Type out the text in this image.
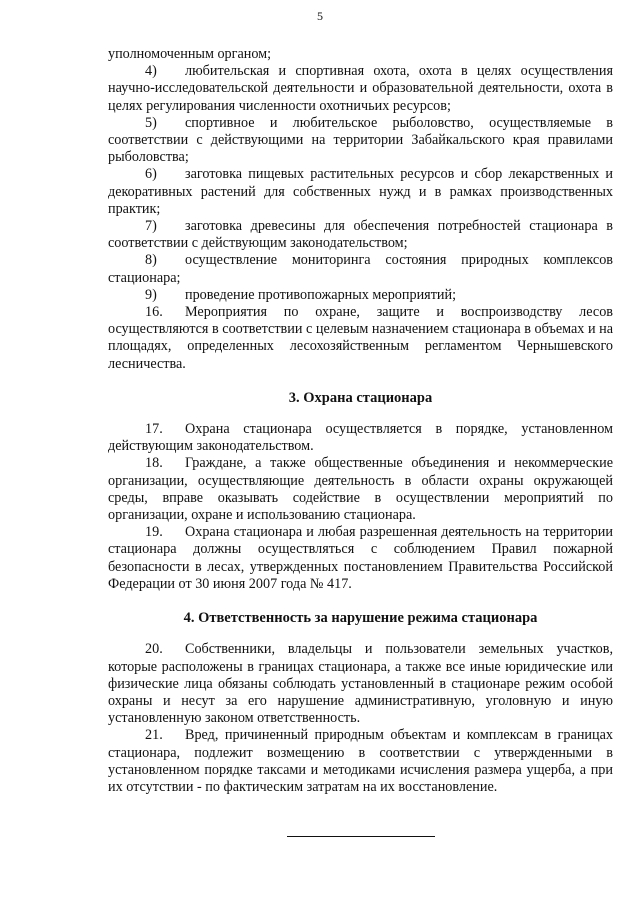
5

уполномоченным органом;

4) любительская и спортивная охота, охота в целях осуществления научно-исследовательской деятельности и образовательной деятельности, охота в целях регулирования численности охотничьих ресурсов;

5) спортивное и любительское рыболовство, осуществляемые в соответствии с действующими на территории Забайкальского края правилами рыболовства;

6) заготовка пищевых растительных ресурсов и сбор лекарственных и декоративных растений для собственных нужд и в рамках производственных практик;

7) заготовка древесины для обеспечения потребностей стационара в соответствии с действующим законодательством;

8) осуществление мониторинга состояния природных комплексов стационара;

9) проведение противопожарных мероприятий;

16. Мероприятия по охране, защите и воспроизводству лесов осуществляются в соответствии с целевым назначением стационара в объемах и на площадях, определенных лесохозяйственным регламентом Чернышевского лесничества.

3. Охрана стационара

17. Охрана стационара осуществляется в порядке, установленном действующим законодательством.

18. Граждане, а также общественные объединения и некоммерческие организации, осуществляющие деятельность в области охраны окружающей среды, вправе оказывать содействие в осуществлении мероприятий по организации, охране и использованию стационара.

19. Охрана стационара и любая разрешенная деятельность на территории стационара должны осуществляться с соблюдением Правил пожарной безопасности в лесах, утвержденных постановлением Правительства Российской Федерации от 30 июня 2007 года № 417.

4. Ответственность за нарушение режима стационара

20. Собственники, владельцы и пользователи земельных участков, которые расположены в границах стационара, а также все иные юридические или физические лица обязаны соблюдать установленный в стационаре режим особой охраны и несут за его нарушение административную, уголовную и иную установленную законом ответственность.

21. Вред, причиненный природным объектам и комплексам в границах стационара, подлежит возмещению в соответствии с утвержденными в установленном порядке таксами и методиками исчисления размера ущерба, а при их отсутствии - по фактическим затратам на их восстановление.
